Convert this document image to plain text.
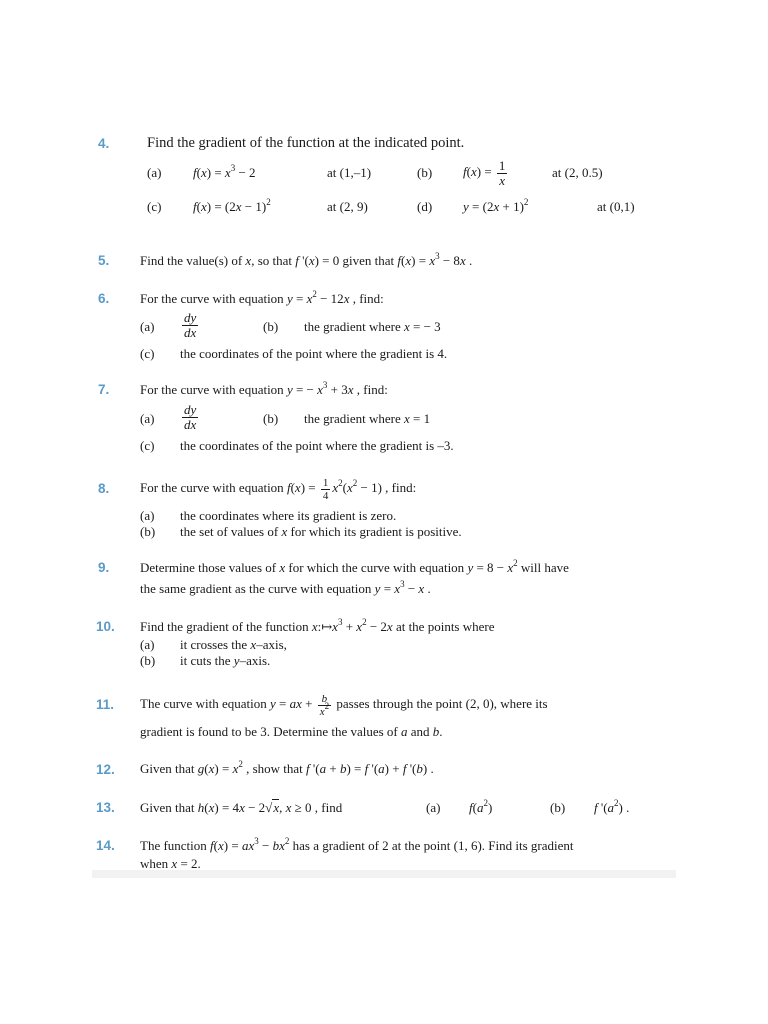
4.	Find the gradient of the function at the indicated point.
(a) $f(x) = x^3 - 2$	at (1,–1)	(b) $f(x) = \frac{1}{x}$	at (2, 0.5)
(c) $f(x) = (2x - 1)^2$	at (2, 9)	(d) $y = (2x + 1)^2$	at (0,1)
5.	Find the value(s) of x, so that f '(x) = 0 given that $f(x) = x^3 - 8x$ .
6.	For the curve with equation $y = x^2 - 12x$ , find:
$(a) \frac{dy}{dx}$	(b) the gradient where x = − 3
(c) the coordinates of the point where the gradient is 4.
7.	For the curve with equation y = − $x^3 + 3x$ , find:
$(a) \frac{dy}{dx}$	(b) the gradient where x = 1
(c) the coordinates of the point where the gradient is –3.
8.	For the curve with equation $f(x) = \frac{1}{4} x^2(x^2 - 1)$ , find:
(a) the coordinates where its gradient is zero.
(b) the set of values of x for which its gradient is positive.
9.	Determine those values of x for which the curve with equation $y = 8 - x^2$ will have
the same gradient as the curve with equation $y = x^3 - x$ .
10.	Find the gradient of the function $x:↦x^3 + x^2 - 2x$ at the points where
(a) it crosses the x–axis,
(b) it cuts the y–axis.
11.	The curve with equation y = ax + $\frac{b}{x^2}$ passes through the point (2, 0), where its
gradient is found to be 3. Determine the values of a and b.
12.	Given that $g(x) = x^2$ , show that f '(a + b) = f '(a) + f '(b) .
13.	Given that h(x) = 4x − 2√x, x ≥ 0 , find	(a) $f(a^2)$	(b) f '$(a^2)$ .
14.	The function $f(x) = ax^3 - bx^2$ has a gradient of 2 at the point (1, 6). Find its gradient
when x = 2.
